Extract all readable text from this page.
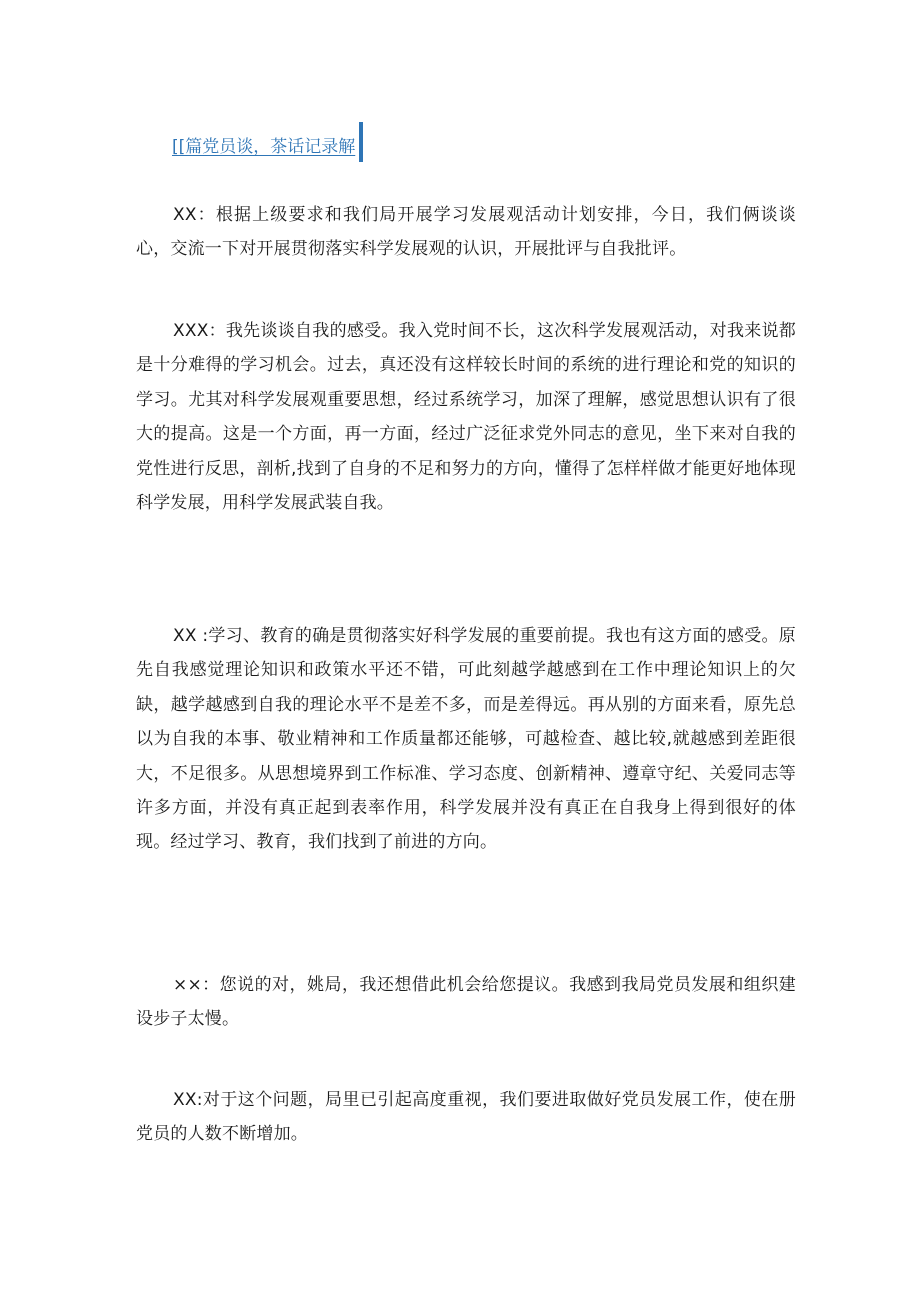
[[篇党员谈，茶话记录解

XX：根据上级要求和我们局开展学习发展观活动计划安排，今日，我们俩谈谈心，交流一下对开展贯彻落实科学发展观的认识，开展批评与自我批评。

XXX：我先谈谈自我的感受。我入党时间不长，这次科学发展观活动，对我来说都是十分难得的学习机会。过去，真还没有这样较长时间的系统的进行理论和党的知识的学习。尤其对科学发展观重要思想，经过系统学习，加深了理解，感觉思想认识有了很大的提高。这是一个方面，再一方面，经过广泛征求党外同志的意见，坐下来对自我的党性进行反思，剖析,找到了自身的不足和努力的方向，懂得了怎样样做才能更好地体现科学发展，用科学发展武装自我。

XX :学习、教育的确是贯彻落实好科学发展的重要前提。我也有这方面的感受。原先自我感觉理论知识和政策水平还不错，可此刻越学越感到在工作中理论知识上的欠缺，越学越感到自我的理论水平不是差不多，而是差得远。再从别的方面来看，原先总以为自我的本事、敬业精神和工作质量都还能够，可越检查、越比较,就越感到差距很大，不足很多。从思想境界到工作标准、学习态度、创新精神、遵章守纪、关爱同志等许多方面，并没有真正起到表率作用，科学发展并没有真正在自我身上得到很好的体现。经过学习、教育，我们找到了前进的方向。

××：您说的对，姚局，我还想借此机会给您提议。我感到我局党员发展和组织建设步子太慢。

XX:对于这个问题，局里已引起高度重视，我们要进取做好党员发展工作，使在册党员的人数不断增加。
